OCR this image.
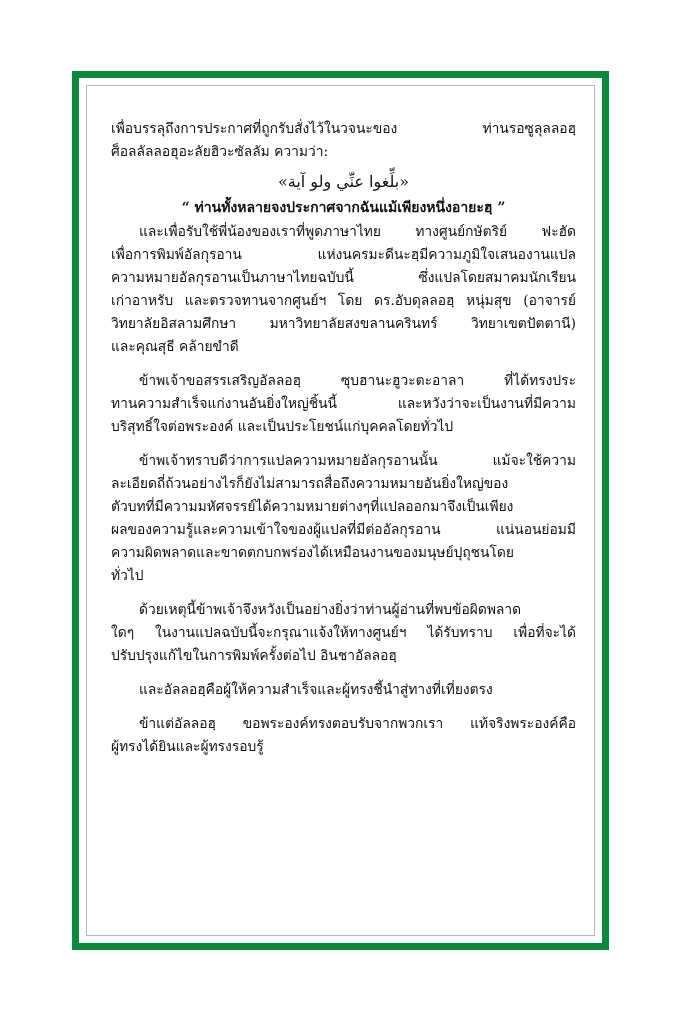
เพื่อบรรลุถึงการประกาศที่ถูกรับสั่งไว้ในวจนะของ ท่านรอซูลุลลอฮฺ

ศ็อลลัลลอฮุอะลัยฮิวะซัลลัม ความว่า:

«بلِّغوا عنِّي ولو آية»

“ ท่านทั้งหลายจงประกาศจากฉันแม้เพียงหนึ่งอายะฮฺ ”

และเพื่อรับใช้พี่น้องของเราที่พูดภาษาไทย ทางศูนย์กษัตริย์ ฟะฮัด

เพื่อการพิมพ์อัลกุรอาน แห่งนครมะดีนะฮฺมีความภูมิใจเสนองานแปล

ความหมายอัลกุรอานเป็นภาษาไทยฉบับนี้ ซึ่งแปลโดยสมาคมนักเรียน

เก่าอาหรับ และตรวจทานจากศูนย์ฯ โดย ดร.อับดุลลอฮฺ หนุ่มสุข (อาจารย์

วิทยาลัยอิสลามศึกษา มหาวิทยาลัยสงขลานครินทร์ วิทยาเขตปัตตานี)

และคุณสุธี คล้ายขำดี

ข้าพเจ้าขอสรรเสริญอัลลอฮฺ ซุบฮานะฮูวะตะอาลา ที่ได้ทรงประ

ทานความสำเร็จแก่งานอันยิ่งใหญ่ชิ้นนี้ และหวังว่าจะเป็นงานที่มีความ

บริสุทธิ์ใจต่อพระองค์ และเป็นประโยชน์แก่บุคคลโดยทั่วไป

ข้าพเจ้าทราบดีว่าการแปลความหมายอัลกุรอานนั้น แม้จะใช้ความ

ละเอียดถี่ถ้วนอย่างไรก็ยังไม่สามารถสื่อถึงความหมายอันยิ่งใหญ่ของ

ตัวบทที่มีความมหัศจรรย์ได้ความหมายต่างๆที่แปลออกมาจึงเป็นเพียง

ผลของความรู้และความเข้าใจของผู้แปลที่มีต่ออัลกุรอาน แน่นอนย่อมมี

ความผิดพลาดและขาดตกบกพร่องได้เหมือนงานของมนุษย์ปุถุชนโดย

ทั่วไป

ด้วยเหตุนี้ข้าพเจ้าจึงหวังเป็นอย่างยิ่งว่าท่านผู้อ่านที่พบข้อผิดพลาด

ใดๆ ในงานแปลฉบับนี้จะกรุณาแจ้งให้ทางศูนย์ฯ ได้รับทราบ เพื่อที่จะได้

ปรับปรุงแก้ไขในการพิมพ์ครั้งต่อไป อินชาอัลลอฮฺ

และอัลลอฮฺคือผู้ให้ความสำเร็จและผู้ทรงชี้นำสู่ทางที่เที่ยงตรง

ข้าแต่อัลลอฮฺ ขอพระองค์ทรงตอบรับจากพวกเรา แท้จริงพระองค์คือ

ผู้ทรงได้ยินและผู้ทรงรอบรู้
